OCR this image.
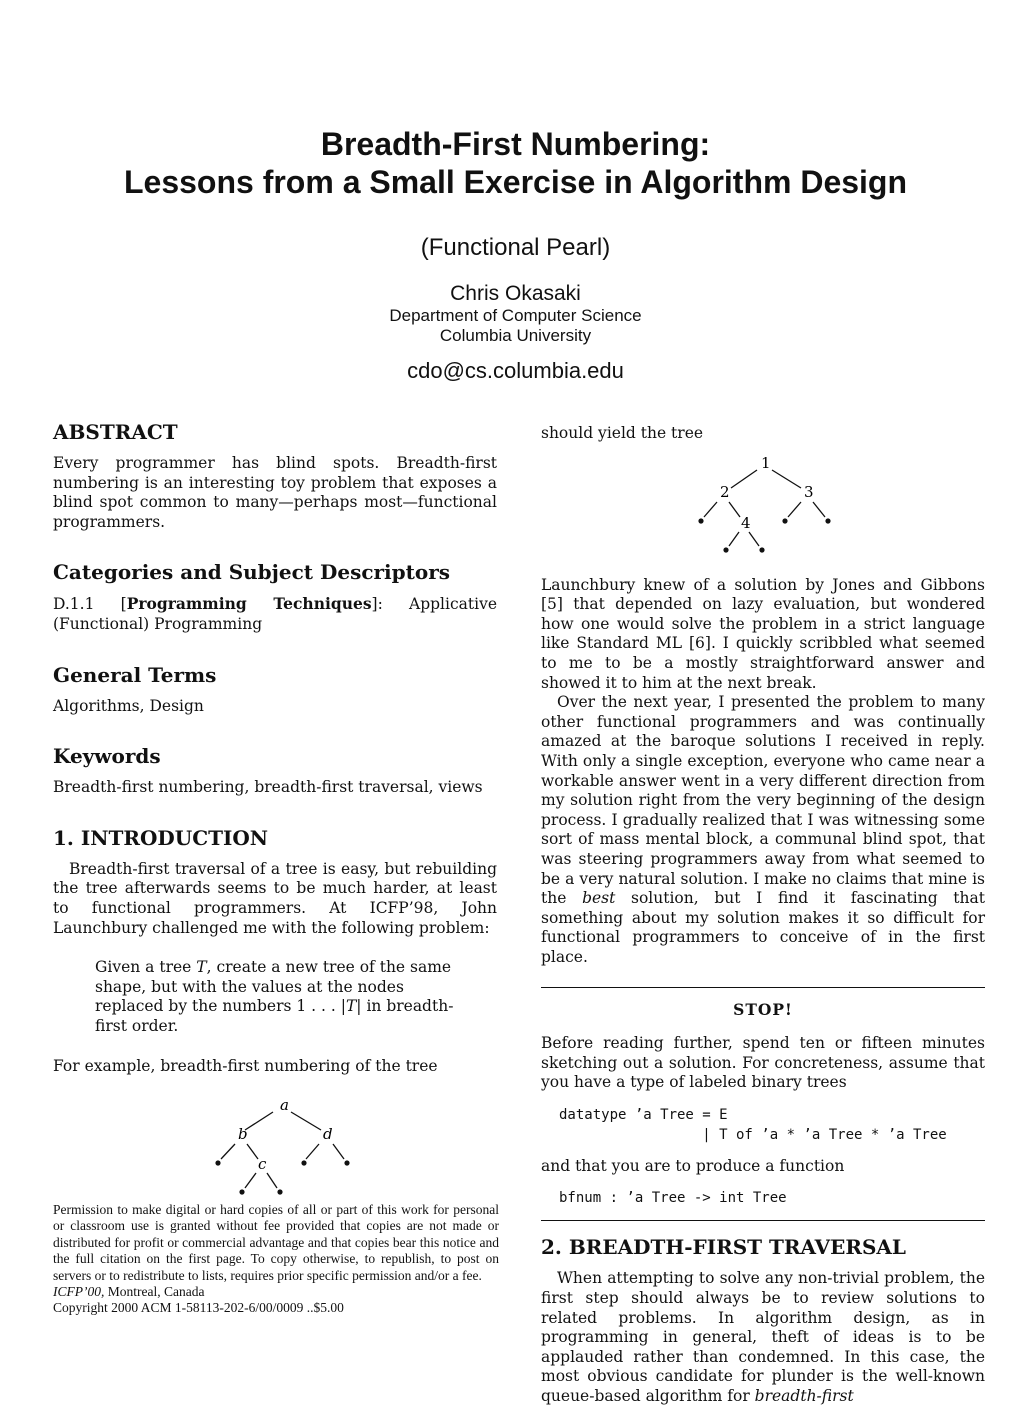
Breadth-First Numbering:
Lessons from a Small Exercise in Algorithm Design
(Functional Pearl)
Chris Okasaki
Department of Computer Science
Columbia University
cdo@cs.columbia.edu
ABSTRACT

Every programmer has blind spots. Breadth-first numbering is an interesting toy problem that exposes a blind spot common to many—perhaps most—functional programmers.

Categories and Subject Descriptors

D.1.1 [Programming Techniques]: Applicative (Functional) Programming

General Terms

Algorithms, Design

Keywords

Breadth-first numbering, breadth-first traversal, views

1. INTRODUCTION

Breadth-first traversal of a tree is easy, but rebuilding the tree afterwards seems to be much harder, at least to functional programmers. At ICFP’98, John Launchbury challenged me with the following problem:

Given a tree T, create a new tree of the same shape, but with the values at the nodes replaced by the numbers 1 . . . |T| in breadth-first order.

For example, breadth-first numbering of the tree

a
b	d
c

should yield the tree

1
2	3
4

Launchbury knew of a solution by Jones and Gibbons [5] that depended on lazy evaluation, but wondered how one would solve the problem in a strict language like Standard ML [6]. I quickly scribbled what seemed to me to be a mostly straightforward answer and showed it to him at the next break.

Over the next year, I presented the problem to many other functional programmers and was continually amazed at the baroque solutions I received in reply. With only a single exception, everyone who came near a workable answer went in a very different direction from my solution right from the very beginning of the design process. I gradually realized that I was witnessing some sort of mass mental block, a communal blind spot, that was steering programmers away from what seemed to be a very natural solution. I make no claims that mine is the best solution, but I find it fascinating that something about my solution makes it so difficult for functional programmers to conceive of in the first place.

STOP!

Before reading further, spend ten or fifteen minutes sketching out a solution. For concreteness, assume that you have a type of labeled binary trees

datatype ’a Tree = E
| T of ’a * ’a Tree * ’a Tree

and that you are to produce a function

bfnum : ’a Tree -> int Tree
2. BREADTH-FIRST TRAVERSAL

When attempting to solve any non-trivial problem, the first step should always be to review solutions to related problems. In algorithm design, as in programming in general, theft of ideas is to be applauded rather than condemned. In this case, the most obvious candidate for plunder is the well-known queue-based algorithm for breadth-first

Permission to make digital or hard copies of all or part of this work for personal or classroom use is granted without fee provided that copies are not made or distributed for profit or commercial advantage and that copies bear this notice and the full citation on the first page. To copy otherwise, to republish, to post on servers or to redistribute to lists, requires prior specific permission and/or a fee.
ICFP’00, Montreal, Canada
Copyright 2000 ACM 1-58113-202-6/00/0009 ..$5.00
